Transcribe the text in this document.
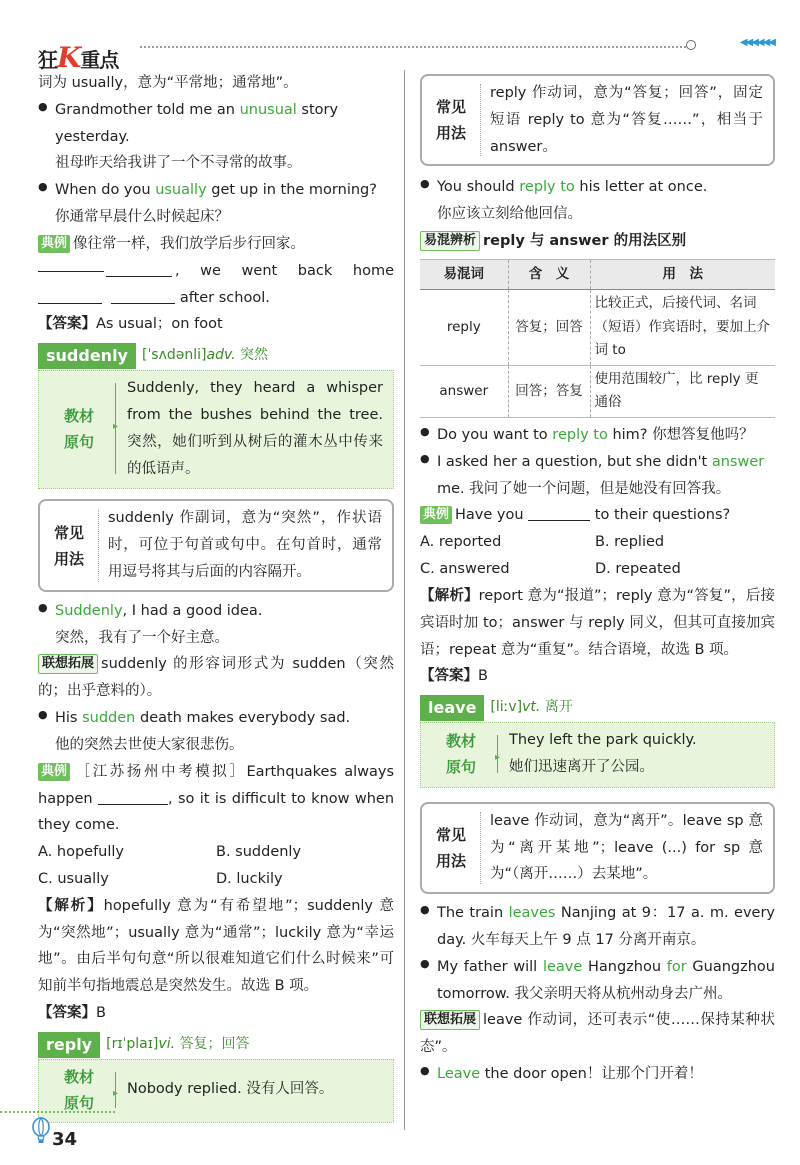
狂K重点
◀◀◀◀◀◀

词为 usually，意为“平常地；通常地”。

● Grandmother told me an unusual story yesterday.

祖母昨天给我讲了一个不寻常的故事。

● When do you usually get up in the morning?

你通常早晨什么时候起床？

典例 像往常一样，我们放学后步行回家。

, we went back home

after school.

【答案】As usual；on foot

suddenly	[ˈsʌdənli]adv. 突然
教材
原句
▸
Suddenly, they heard a whisper from the bushes behind the tree. 突然，她们听到从树后的灌木丛中传来的低语声。
常见
用法
suddenly 作副词，意为“突然”，作状语时，可位于句首或句中。在句首时，通常用逗号将其与后面的内容隔开。

● Suddenly, I had a good idea.

突然，我有了一个好主意。

联想拓展 suddenly 的形容词形式为 sudden（突然的；出乎意料的）。

● His sudden death makes everybody sad.

他的突然去世使大家很悲伤。

典例 ［江苏扬州中考模拟］Earthquakes always happen	, so it is difficult to know when they come.

A. hopefully	B. suddenly
C. usually	D. luckily

【解析】hopefully 意为“有希望地”；suddenly 意为“突然地”；usually 意为“通常”；luckily 意为“幸运地”。由后半句句意“所以很难知道它们什么时候来”可知前半句指地震总是突然发生。故选 B 项。

【答案】B

reply	[rɪˈplaɪ]vi. 答复；回答
教材
原句
▸
Nobody replied. 没有人回答。
常见
用法
reply 作动词，意为“答复；回答”，固定短语 reply to 意为“答复……”，相当于 answer。

● You should reply to his letter at once.

你应该立刻给他回信。

易混辨析 reply 与 answer 的用法区别

易混词	含　义	用　法
reply	答复；回答	比较正式，后接代词、名词（短语）作宾语时，要加上介词 to
answer	回答；答复	使用范围较广，比 reply 更通俗

● Do you want to reply to him? 你想答复他吗？

● I asked her a question, but she didn't answer me. 我问了她一个问题，但是她没有回答我。

典例 Have you	to their questions?

A. reported	B. replied
C. answered	D. repeated

【解析】report 意为“报道”；reply 意为“答复”，后接宾语时加 to；answer 与 reply 同义，但其可直接加宾语；repeat 意为“重复”。结合语境，故选 B 项。

【答案】B

leave	[liːv]vt. 离开
教材
原句
▸
They left the park quickly.
她们迅速离开了公园。
常见
用法
leave 作动词，意为“离开”。leave sp 意为“离开某地”；leave (...) for sp 意为“（离开……）去某地”。

● The train leaves Nanjing at 9：17 a. m. every day. 火车每天上午 9 点 17 分离开南京。

● My father will leave Hangzhou for Guangzhou tomorrow. 我父亲明天将从杭州动身去广州。

联想拓展 leave 作动词，还可表示“使……保持某种状态”。

● Leave the door open！让那个门开着！

34
